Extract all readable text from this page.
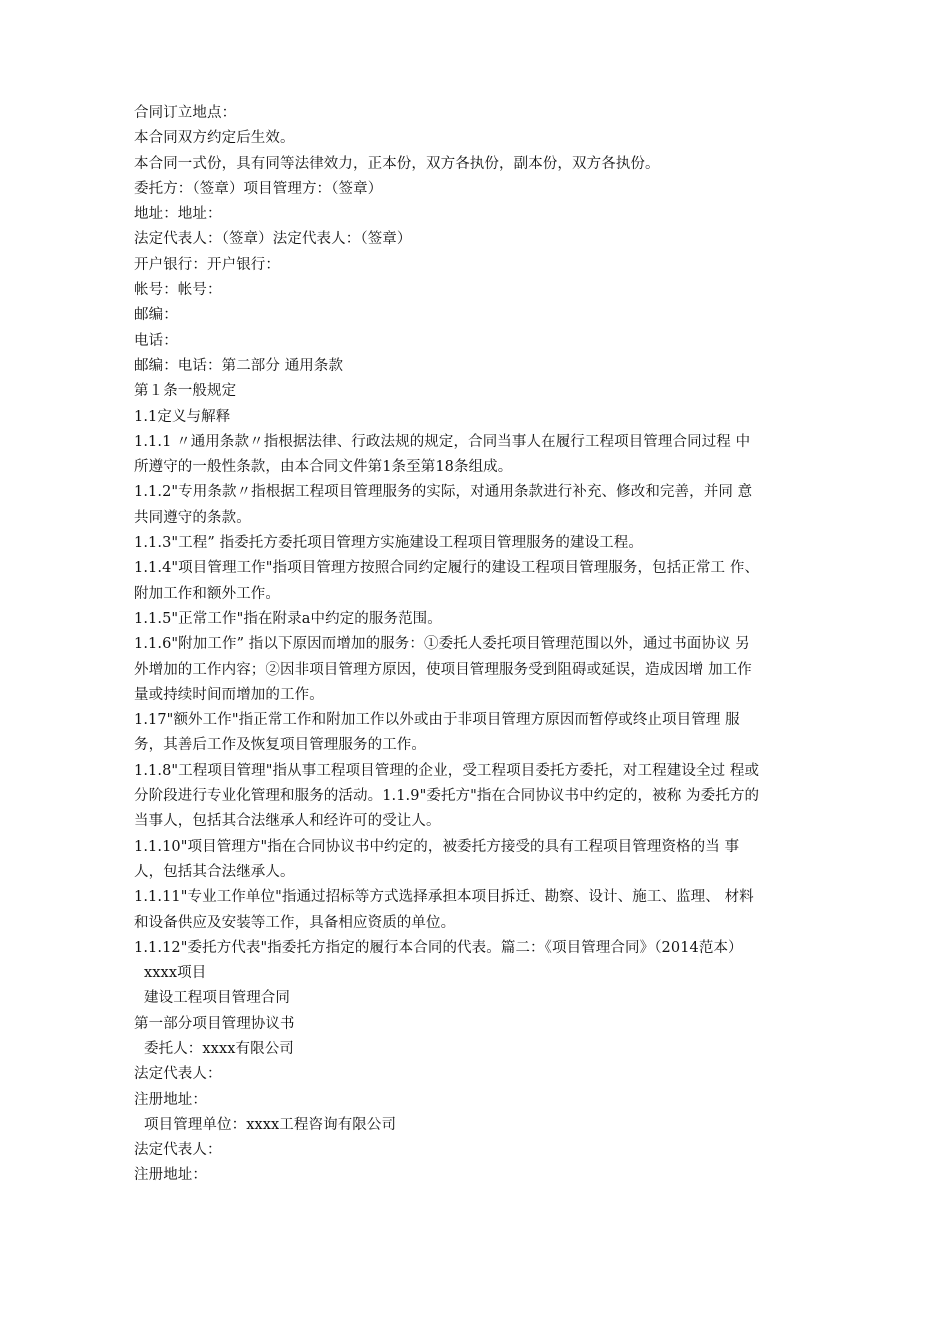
合同订立地点：
本合同双方约定后生效。
本合同一式份，具有同等法律效力，正本份，双方各执份，副本份，双方各执份。
委托方：（签章）项目管理方：（签章）
地址：地址：
法定代表人：（签章）法定代表人：（签章）
开户银行：开户银行：
帐号：帐号：
邮编：
电话：
邮编：电话：第二部分 通用条款
第１条一般规定
1.1定义与解释
1.1.1 〃通用条款〃指根据法律、行政法规的规定，合同当事人在履行工程项目管理合同过程 中
所遵守的一般性条款，由本合同文件第1条至第18条组成。
1.1.2"专用条款〃指根据工程项目管理服务的实际，对通用条款进行补充、修改和完善，并同 意
共同遵守的条款。
1.1.3"工程” 指委托方委托项目管理方实施建设工程项目管理服务的建设工程。
1.1.4"项目管理工作"指项目管理方按照合同约定履行的建设工程项目管理服务，包括正常工 作、
附加工作和额外工作。
1.1.5"正常工作"指在附录a中约定的服务范围。
1.1.6"附加工作” 指以下原因而增加的服务：①委托人委托项目管理范围以外，通过书面协议 另
外增加的工作内容；②因非项目管理方原因，使项目管理服务受到阻碍或延误，造成因增 加工作
量或持续时间而增加的工作。
1.17"额外工作"指正常工作和附加工作以外或由于非项目管理方原因而暂停或终止项目管理 服
务，其善后工作及恢复项目管理服务的工作。
1.1.8"工程项目管理"指从事工程项目管理的企业，受工程项目委托方委托，对工程建设全过 程或
分阶段进行专业化管理和服务的活动。1.1.9"委托方"指在合同协议书中约定的，被称 为委托方的
当事人，包括其合法继承人和经许可的受让人。
1.1.10"项目管理方"指在合同协议书中约定的，被委托方接受的具有工程项目管理资格的当 事
人，包括其合法继承人。
1.1.11"专业工作单位"指通过招标等方式选择承担本项目拆迁、勘察、设计、施工、监理、 材料
和设备供应及安装等工作，具备相应资质的单位。
1.1.12"委托方代表"指委托方指定的履行本合同的代表。篇二：《项目管理合同》（2014范本）
xxxx项目
建设工程项目管理合同
第一部分项目管理协议书
委托人：xxxx有限公司
法定代表人：
注册地址：
项目管理单位：xxxx工程咨询有限公司
法定代表人：
注册地址：
